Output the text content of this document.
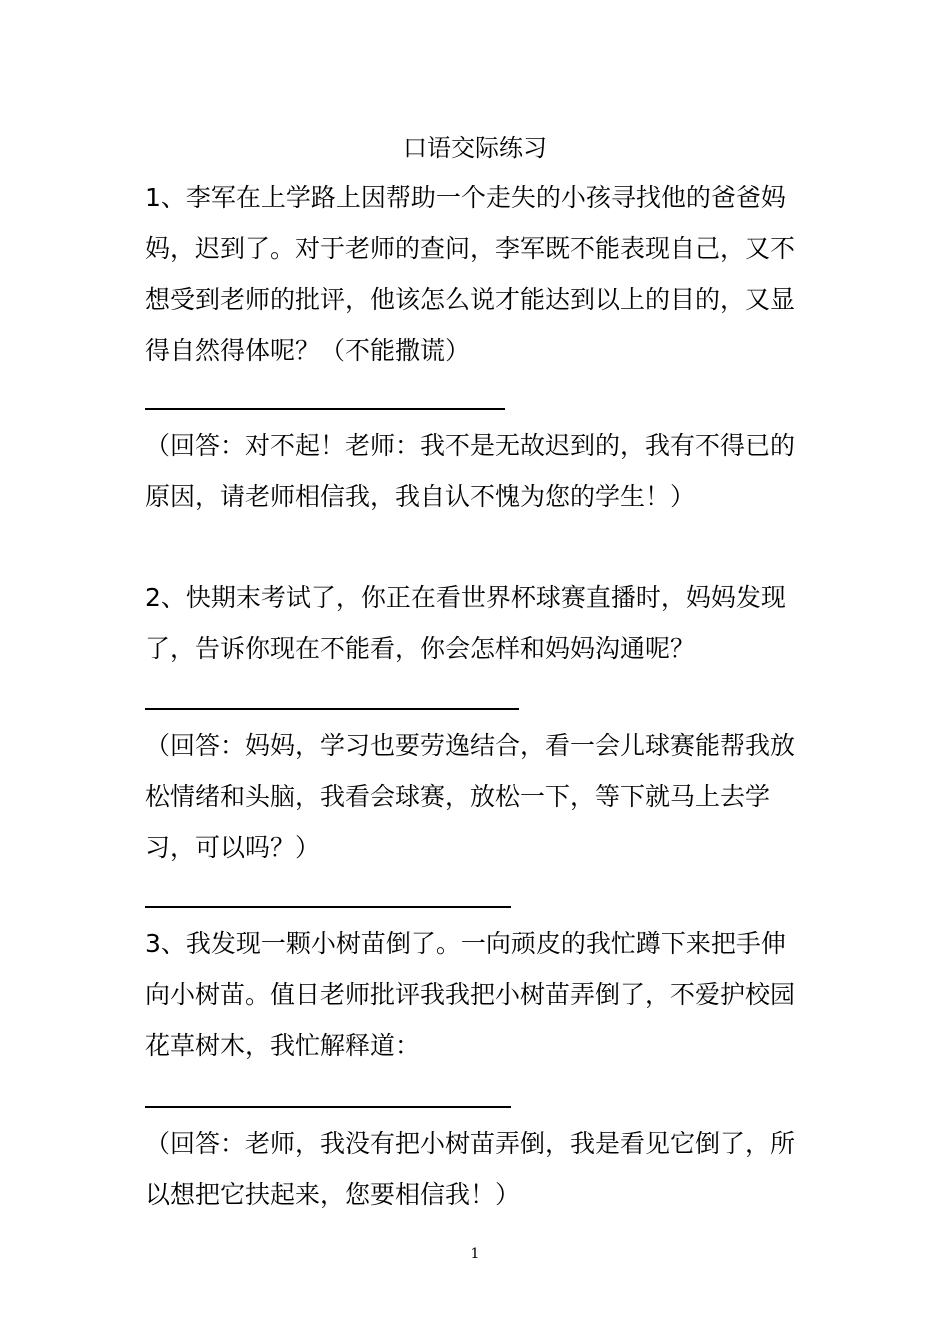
口语交际练习

1、李军在上学路上因帮助一个走失的小孩寻找他的爸爸妈妈，迟到了。对于老师的查问，李军既不能表现自己，又不想受到老师的批评，他该怎么说才能达到以上的目的，又显得自然得体呢？（不能撒谎）

（回答：对不起！老师：我不是无故迟到的，我有不得已的原因，请老师相信我，我自认不愧为您的学生！）

2、快期末考试了，你正在看世界杯球赛直播时，妈妈发现了，告诉你现在不能看，你会怎样和妈妈沟通呢？

（回答：妈妈，学习也要劳逸结合，看一会儿球赛能帮我放松情绪和头脑，我看会球赛，放松一下，等下就马上去学习，可以吗？）

3、我发现一颗小树苗倒了。一向顽皮的我忙蹲下来把手伸向小树苗。值日老师批评我我把小树苗弄倒了，不爱护校园花草树木，我忙解释道：

（回答：老师，我没有把小树苗弄倒，我是看见它倒了，所以想把它扶起来，您要相信我！）

1
